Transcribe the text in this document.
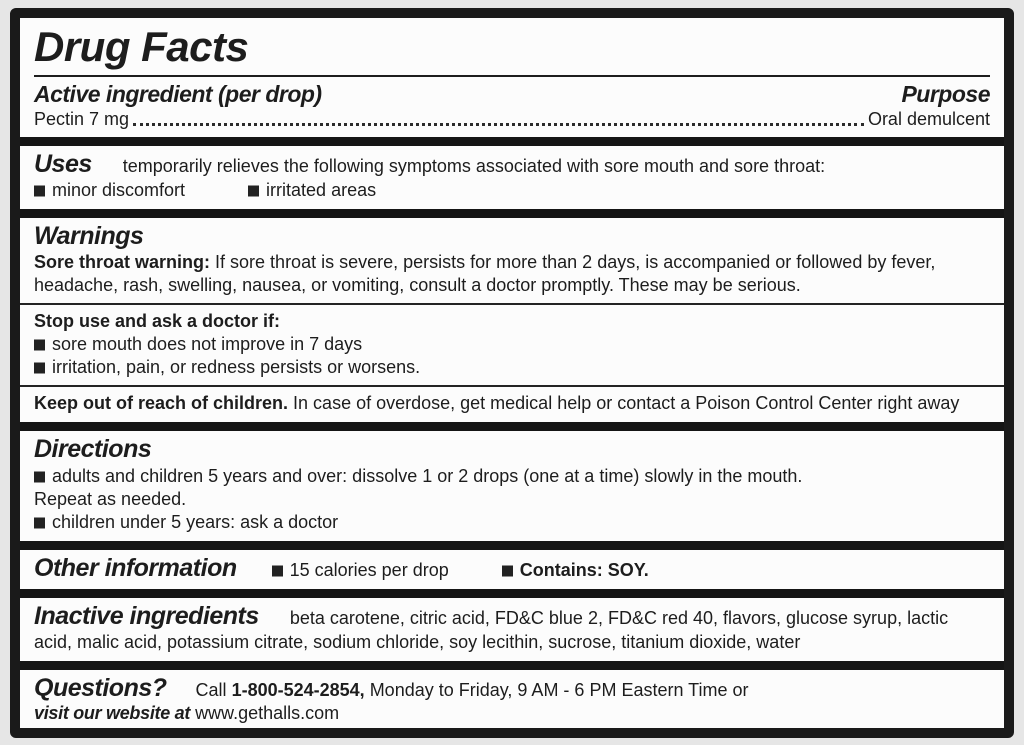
Drug Facts
Active ingredient (per drop)	Purpose
Pectin 7 mg	Oral demulcent

Uses temporarily relieves the following symptoms associated with sore mouth and sore throat:

minor discomfort	irritated areas

Warnings

Sore throat warning: If sore throat is severe, persists for more than 2 days, is accompanied or followed by fever, headache, rash, swelling, nausea, or vomiting, consult a doctor promptly. These may be serious.

Stop use and ask a doctor if:

sore mouth does not improve in 7 days

irritation, pain, or redness persists or worsens.

Keep out of reach of children. In case of overdose, get medical help or contact a Poison Control Center right away

Directions

adults and children 5 years and over: dissolve 1 or 2 drops (one at a time) slowly in the mouth.

Repeat as needed.

children under 5 years: ask a doctor

Other information	15 calories per drop	Contains: SOY.

Inactive ingredients beta carotene, citric acid, FD&C blue 2, FD&C red 40, flavors, glucose syrup, lactic acid, malic acid, potassium citrate, sodium chloride, soy lecithin, sucrose, titanium dioxide, water

Questions? Call 1-800-524-2854, Monday to Friday, 9 AM - 6 PM Eastern Time or

visit our website at www.gethalls.com
